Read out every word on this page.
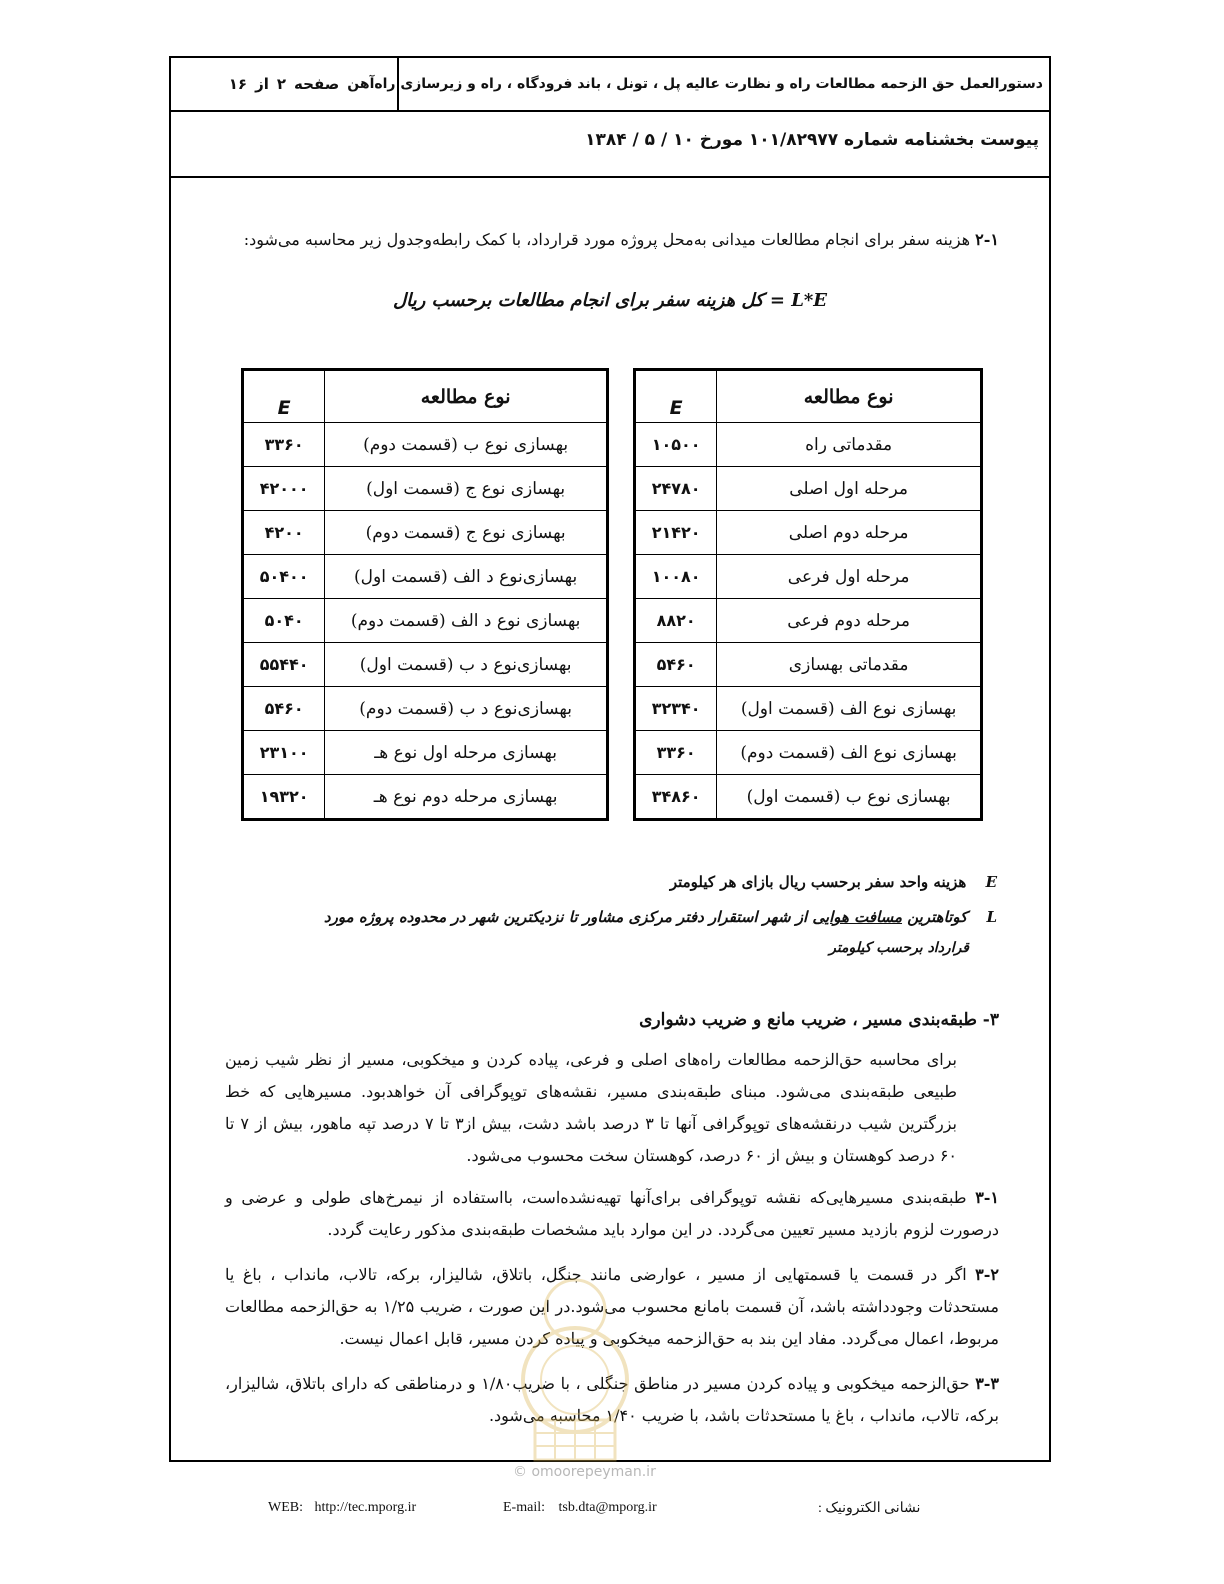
صفحه
۲
از
۱۶	دستورالعمل حق الزحمه مطالعات راه و نظارت عالیه پل ، تونل ، باند فرودگاه ، راه و زیرسازی راه‌آهن
پیوست بخشنامه شماره ۱۰۱/۸۲۹۷۷ مورخ ۱۰ / ۵ / ۱۳۸۴
۲-۱ هزینه سفر برای انجام مطالعات میدانی به‌محل پروژه مورد قرارداد، با کمک رابطه‌وجدول زیر محاسبه می‌شود:
L*E = کل هزینه سفر برای انجام مطالعات برحسب ریال
نوع مطالعه	E
مقدماتی راه	۱۰۵۰۰
مرحله اول اصلی	۲۴۷۸۰
مرحله دوم اصلی	۲۱۴۲۰
مرحله اول فرعی	۱۰۰۸۰
مرحله دوم فرعی	۸۸۲۰
مقدماتی بهسازی	۵۴۶۰
بهسازی نوع الف (قسمت اول)	۳۲۳۴۰
بهسازی نوع الف (قسمت دوم)	۳۳۶۰
بهسازی نوع ب (قسمت اول)	۳۴۸۶۰
نوع مطالعه	E
بهسازی نوع ب (قسمت دوم)	۳۳۶۰
بهسازی نوع ج (قسمت اول)	۴۲۰۰۰
بهسازی نوع ج (قسمت دوم)	۴۲۰۰
بهسازی‌نوع د الف (قسمت اول)	۵۰۴۰۰
بهسازی نوع د الف (قسمت دوم)	۵۰۴۰
بهسازی‌نوع د ب (قسمت اول)	۵۵۴۴۰
بهسازی‌نوع د ب (قسمت دوم)	۵۴۶۰
بهسازی مرحله اول نوع هـ	۲۳۱۰۰
بهسازی مرحله دوم نوع هـ	۱۹۳۲۰
E هزینه واحد سفر برحسب ریال بازای هر کیلومتر
L کوتاهترین مسافت هوایی از شهر استقرار دفتر مرکزی مشاور تا نزدیکترین شهر در محدوده پروژه مورد
قرارداد برحسب کیلومتر
۳- طبقه‌بندی مسیر ، ضریب مانع و ضریب دشواری
برای محاسبه حق‌الزحمه مطالعات راه‌های اصلی و فرعی، پیاده کردن و میخکوبی، مسیر از نظر شیب زمین طبیعی طبقه‌بندی می‌شود. مبنای طبقه‌بندی مسیر، نقشه‌های توپوگرافی آن خواهدبود. مسیرهایی که خط بزرگترین شیب درنقشه‌های توپوگرافی آنها تا ۳ درصد باشد دشت، بیش از۳ تا ۷ درصد تپه ماهور، بیش از ۷ تا ۶۰ درصد کوهستان و بیش از ۶۰ درصد، کوهستان سخت محسوب می‌شود.
۳-۱ طبقه‌بندی مسیرهایی‌که نقشه توپوگرافی برای‌آنها تهیه‌نشده‌است، بااستفاده از نیمرخ‌های طولی و عرضی و درصورت لزوم بازدید مسیر تعیین می‌گردد. در این موارد باید مشخصات طبقه‌بندی مذکور رعایت گردد.
۳-۲ اگر در قسمت یا قسمتهایی از مسیر ، عوارضی مانند جنگل، باتلاق، شالیزار، برکه، تالاب، مانداب ، باغ یا مستحدثات وجودداشته باشد، آن قسمت بامانع محسوب می‌شود.در این صورت ، ضریب ۱/۲۵ به حق‌الزحمه مطالعات مربوط، اعمال می‌گردد. مفاد این بند به حق‌الزحمه میخکوبی و پیاده کردن مسیر، قابل اعمال نیست.
۳-۳ حق‌الزحمه میخکوبی و پیاده کردن مسیر در مناطق جنگلی ، با ضریب۱/۸۰ و درمناطقی که دارای باتلاق، شالیزار، برکه، تالاب، مانداب ، باغ یا مستحدثات باشد، با ضریب ۱/۴۰ محاسبه می‌شود.
© omoorepeyman.ir
WEB: http://tec.mporg.ir	E-mail: tsb.dta@mporg.ir	نشانی الکترونیک :
